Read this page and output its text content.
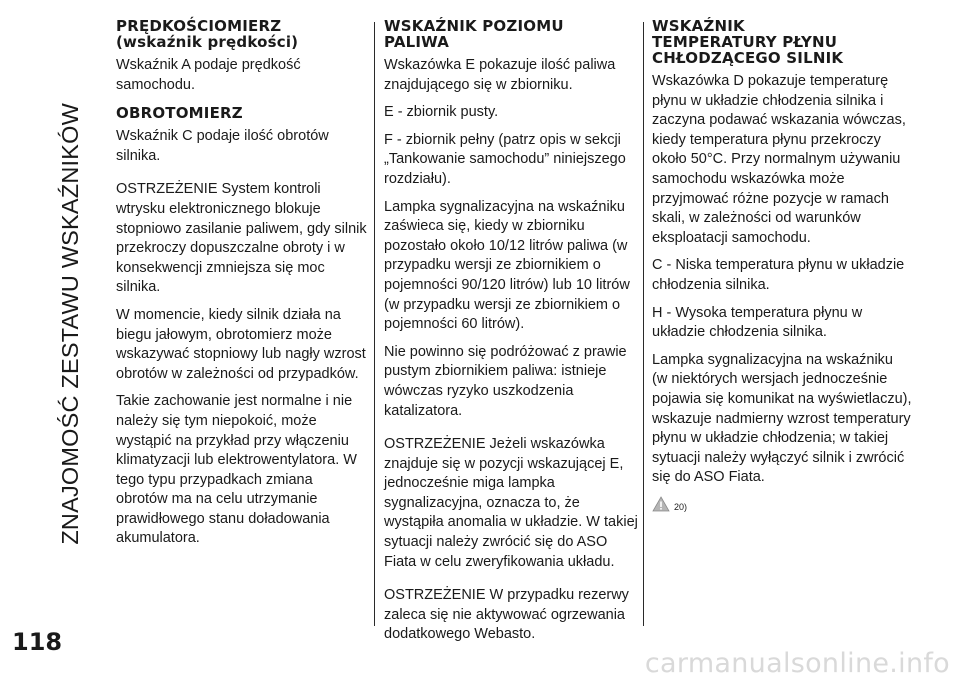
ZNAJOMOŚĆ ZESTAWU WSKAŹNIKÓW
118
PRĘDKOŚCIOMIERZ
(wskaźnik prędkości)

Wskaźnik A podaje prędkość samochodu.

OBROTOMIERZ

Wskaźnik C podaje ilość obrotów silnika.

OSTRZEŻENIE System kontroli wtrysku elektronicznego blokuje stopniowo zasilanie paliwem, gdy silnik przekroczy dopuszczalne obroty i w konsekwencji zmniejsza się moc silnika.

W momencie, kiedy silnik działa na biegu jałowym, obrotomierz może wskazywać stopniowy lub nagły wzrost obrotów w zależności od przypadków.

Takie zachowanie jest normalne i nie należy się tym niepokoić, może wystąpić na przykład przy włączeniu klimatyzacji lub elektrowentylatora. W tego typu przypadkach zmiana obrotów ma na celu utrzymanie prawidłowego stanu doładowania akumulatora.

WSKAŹNIK POZIOMU
PALIWA

Wskazówka E pokazuje ilość paliwa znajdującego się w zbiorniku.

E - zbiornik pusty.

F - zbiornik pełny (patrz opis w sekcji „Tankowanie samochodu” niniejszego rozdziału).

Lampka sygnalizacyjna na wskaźniku zaświeca się, kiedy w zbiorniku pozostało około 10/12 litrów paliwa (w przypadku wersji ze zbiornikiem o pojemności 90/120 litrów) lub 10 litrów (w przypadku wersji ze zbiornikiem o pojemności 60 litrów).

Nie powinno się podróżować z prawie pustym zbiornikiem paliwa: istnieje wówczas ryzyko uszkodzenia katalizatora.

OSTRZEŻENIE Jeżeli wskazówka znajduje się w pozycji wskazującej E, jednocześnie miga lampka sygnalizacyjna, oznacza to, że wystąpiła anomalia w układzie. W takiej sytuacji należy zwrócić się do ASO Fiata w celu zweryfikowania układu.

OSTRZEŻENIE W przypadku rezerwy zaleca się nie aktywować ogrzewania dodatkowego Webasto.

WSKAŹNIK
TEMPERATURY PŁYNU
CHŁODZĄCEGO SILNIK

Wskazówka D pokazuje temperaturę płynu w układzie chłodzenia silnika i zaczyna podawać wskazania wówczas, kiedy temperatura płynu przekroczy około 50°C. Przy normalnym używaniu samochodu wskazówka może przyjmować różne pozycje w ramach skali, w zależności od warunków eksploatacji samochodu.

C - Niska temperatura płynu w układzie chłodzenia silnika.

H - Wysoka temperatura płynu w układzie chłodzenia silnika.

Lampka sygnalizacyjna na wskaźniku (w niektórych wersjach jednocześnie pojawia się komunikat na wyświetlaczu), wskazuje nadmierny wzrost temperatury płynu w układzie chłodzenia; w takiej sytuacji należy wyłączyć silnik i zwrócić się do ASO Fiata.

20)
carmanualsonline.info
